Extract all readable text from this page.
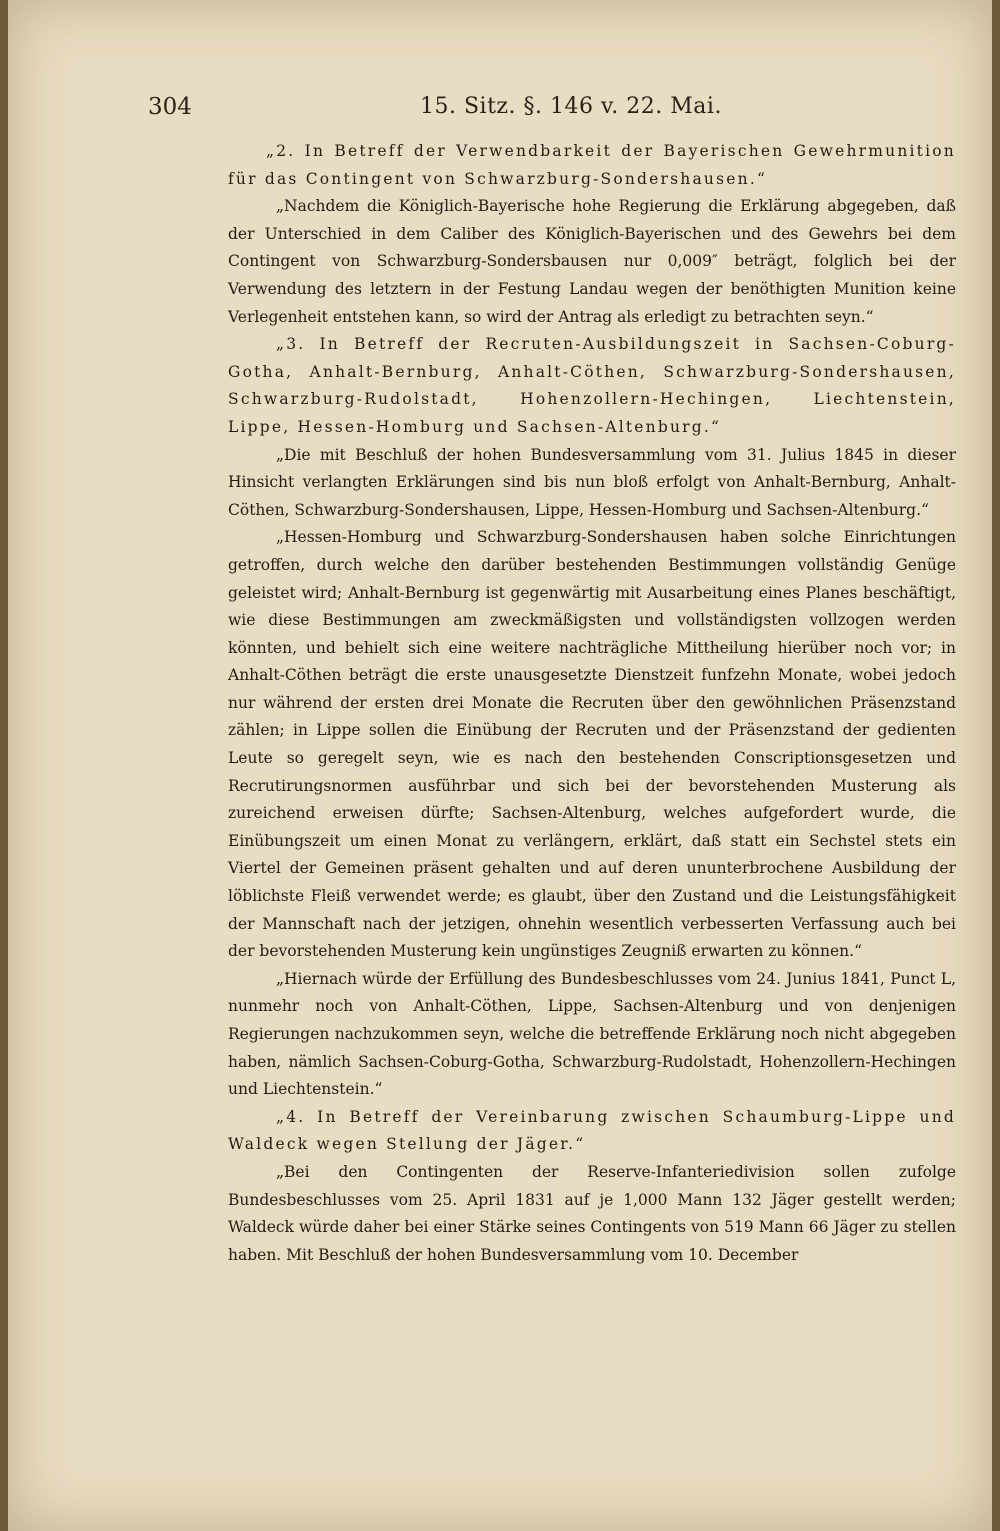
304	15. Sitz. §. 146 v. 22. Mai.

„2. In Betreff der Verwendbarkeit der Bayerischen Gewehrmunition für das Contingent von Schwarzburg-Sondershausen.“

„Nachdem die Königlich-Bayerische hohe Regierung die Erklärung abgegeben, daß der Unterschied in dem Caliber des Königlich-Bayerischen und des Gewehrs bei dem Contingent von Schwarzburg-Sondersbausen nur 0,009″ beträgt, folglich bei der Verwendung des letztern in der Festung Landau wegen der benöthigten Munition keine Verlegenheit entstehen kann, so wird der Antrag als erledigt zu betrachten seyn.“

„3. In Betreff der Recruten-Ausbildungszeit in Sachsen-Coburg-Gotha, Anhalt-Bernburg, Anhalt-Cöthen, Schwarzburg-Sondershausen, Schwarzburg-Rudolstadt, Hohenzollern-Hechingen, Liechtenstein, Lippe, Hessen-Homburg und Sachsen-Altenburg.“

„Die mit Beschluß der hohen Bundesversammlung vom 31. Julius 1845 in dieser Hinsicht verlangten Erklärungen sind bis nun bloß erfolgt von Anhalt-Bernburg, Anhalt-Cöthen, Schwarzburg-Sondershausen, Lippe, Hessen-Homburg und Sachsen-Altenburg.“

„Hessen-Homburg und Schwarzburg-Sondershausen haben solche Einrichtungen getroffen, durch welche den darüber bestehenden Bestimmungen vollständig Genüge geleistet wird; Anhalt-Bernburg ist gegenwärtig mit Ausarbeitung eines Planes beschäftigt, wie diese Bestimmungen am zweckmäßigsten und vollständigsten vollzogen werden könnten, und behielt sich eine weitere nachträgliche Mittheilung hierüber noch vor; in Anhalt-Cöthen beträgt die erste unausgesetzte Dienstzeit funfzehn Monate, wobei jedoch nur während der ersten drei Monate die Recruten über den gewöhnlichen Präsenzstand zählen; in Lippe sollen die Einübung der Recruten und der Präsenzstand der gedienten Leute so geregelt seyn, wie es nach den bestehenden Conscriptionsgesetzen und Recrutirungsnormen ausführbar und sich bei der bevorstehenden Musterung als zureichend erweisen dürfte; Sachsen-Altenburg, welches aufgefordert wurde, die Einübungszeit um einen Monat zu verlängern, erklärt, daß statt ein Sechstel stets ein Viertel der Gemeinen präsent gehalten und auf deren ununterbrochene Ausbildung der löblichste Fleiß verwendet werde; es glaubt, über den Zustand und die Leistungsfähigkeit der Mannschaft nach der jetzigen, ohnehin wesentlich verbesserten Verfassung auch bei der bevorstehenden Musterung kein ungünstiges Zeugniß erwarten zu können.“

„Hiernach würde der Erfüllung des Bundesbeschlusses vom 24. Junius 1841, Punct L, nunmehr noch von Anhalt-Cöthen, Lippe, Sachsen-Altenburg und von denjenigen Regierungen nachzukommen seyn, welche die betreffende Erklärung noch nicht abgegeben haben, nämlich Sachsen-Coburg-Gotha, Schwarzburg-Rudolstadt, Hohenzollern-Hechingen und Liechtenstein.“

„4. In Betreff der Vereinbarung zwischen Schaumburg-Lippe und Waldeck wegen Stellung der Jäger.“

„Bei den Contingenten der Reserve-Infanteriedivision sollen zufolge Bundesbeschlusses vom 25. April 1831 auf je 1,000 Mann 132 Jäger gestellt werden; Waldeck würde daher bei einer Stärke seines Contingents von 519 Mann 66 Jäger zu stellen haben. Mit Beschluß der hohen Bundesversammlung vom 10. December
